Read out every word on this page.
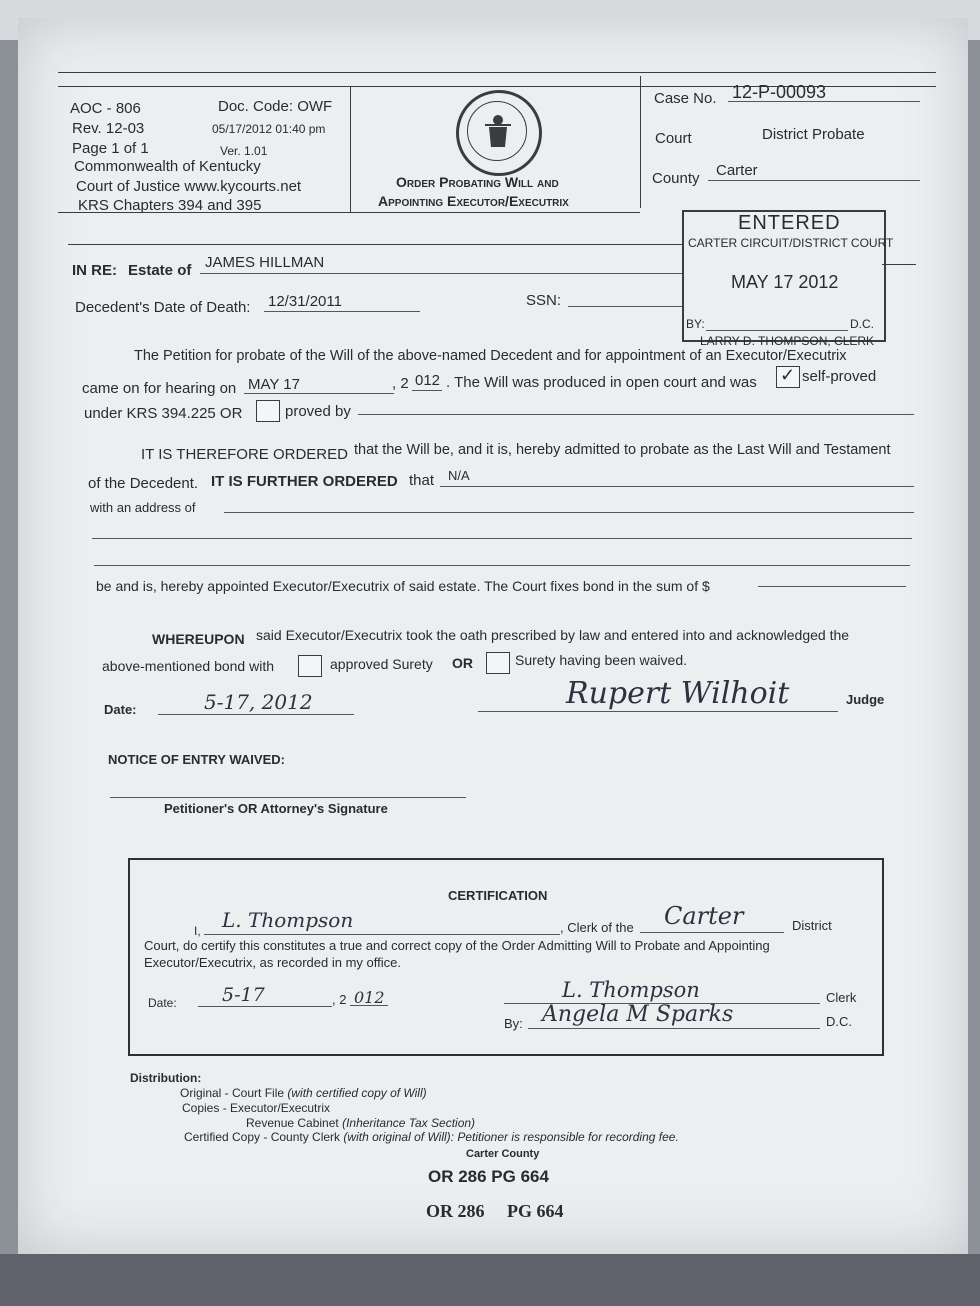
AOC - 806
Rev. 12-03
Page 1 of 1
Commonwealth of Kentucky
Court of Justice www.kycourts.net
KRS Chapters 394 and 395
Doc. Code: OWF
05/17/2012 01:40 pm
Ver. 1.01
Order Probating Will and
Appointing Executor/Executrix
Case No. 12-P-00093
Court	District Probate
County Carter
ENTERED
CARTER CIRCUIT/DISTRICT COURT
MAY 17 2012
BY:	D.C.
LARRY D. THOMPSON, CLERK
IN RE: Estate of JAMES HILLMAN
Decedent's Date of Death: 12/31/2011	SSN:
The Petition for probate of the Will of the above-named Decedent and for appointment of an Executor/Executrix
came on for hearing on MAY 17	, 2 012 . The Will was produced in open court and was ✓ self-proved
under KRS 394.225 OR	proved by
IT IS THEREFORE ORDERED that the Will be, and it is, hereby admitted to probate as the Last Will and Testament
of the Decedent. IT IS FURTHER ORDERED that N/A
with an address of
be and is, hereby appointed Executor/Executrix of said estate. The Court fixes bond in the sum of $
WHEREUPON said Executor/Executrix took the oath prescribed by law and entered into and acknowledged the
above-mentioned bond with	approved Surety OR	Surety having been waived.
Date:	5-17, 2012	Rupert Wilhoit	Judge
NOTICE OF ENTRY WAIVED:
Petitioner's OR Attorney's Signature
CERTIFICATION
I, L. Thompson	, Clerk of the Carter	District
Court, do certify this constitutes a true and correct copy of the Order Admitting Will to Probate and Appointing
Executor/Executrix, as recorded in my office.
Date: 5-17	, 2 012	L. Thompson	Clerk
By: Angela M Sparks	D.C.
Distribution:
Original - Court File (with certified copy of Will)
Copies - Executor/Executrix
Revenue Cabinet (Inheritance Tax Section)
Certified Copy - County Clerk (with original of Will): Petitioner is responsible for recording fee.
Carter County
OR 286 PG 664
OR 286     PG 664
